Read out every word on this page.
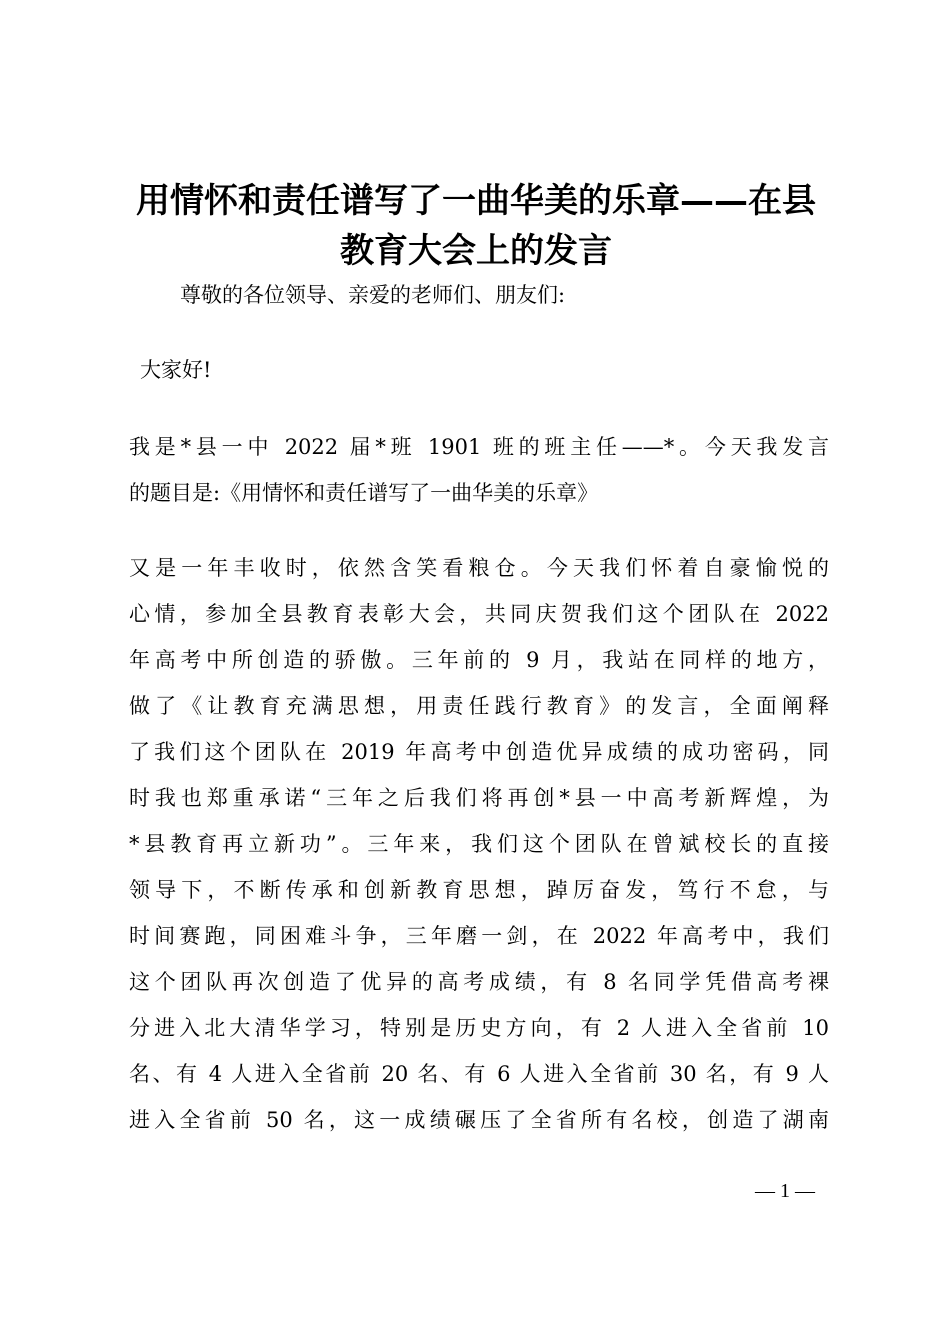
用情怀和责任谱写了一曲华美的乐章——在县
教育大会上的发言
尊敬的各位领导、亲爱的老师们、朋友们:
大家好!
我是*县一中 2022 届*班 1901 班的班主任——*。今天我发言
的题目是:《用情怀和责任谱写了一曲华美的乐章》
又是一年丰收时，依然含笑看粮仓。今天我们怀着自豪愉悦的
心情，参加全县教育表彰大会，共同庆贺我们这个团队在 2022
年高考中所创造的骄傲。三年前的 9 月，我站在同样的地方，
做了《让教育充满思想，用责任践行教育》的发言，全面阐释
了我们这个团队在 2019 年高考中创造优异成绩的成功密码，同
时我也郑重承诺“三年之后我们将再创*县一中高考新辉煌，为
*县教育再立新功”。三年来，我们这个团队在曾斌校长的直接
领导下，不断传承和创新教育思想，踔厉奋发，笃行不怠，与
时间赛跑，同困难斗争，三年磨一剑，在 2022 年高考中，我们
这个团队再次创造了优异的高考成绩，有 8 名同学凭借高考裸
分进入北大清华学习，特别是历史方向，有 2 人进入全省前 10
名、有 4 人进入全省前 20 名、有 6 人进入全省前 30 名，有 9 人
进入全省前 50 名，这一成绩碾压了全省所有名校，创造了湖南
— 1 —
